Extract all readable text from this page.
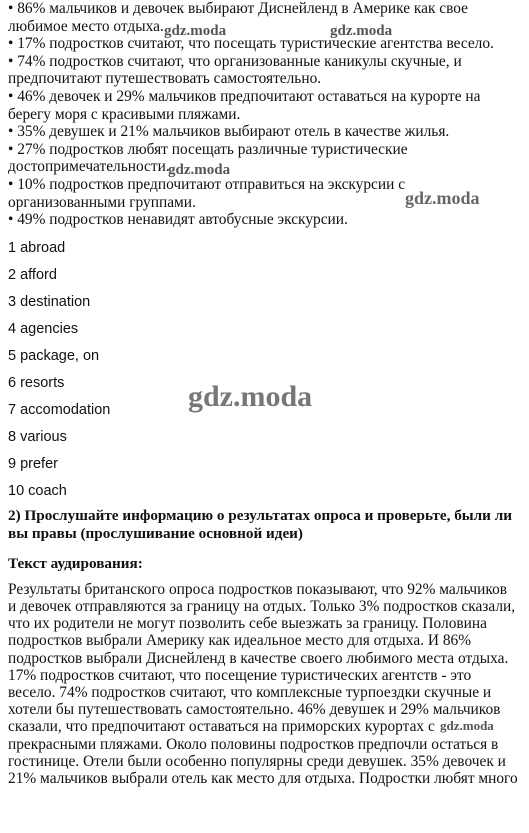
• 86% мальчиков и девочек выбирают Диснейленд в Америке как свое
любимое место отдыха.
• 17% подростков считают, что посещать туристические агентства весело.
• 74% подростков считают, что организованные каникулы скучные, и
предпочитают путешествовать самостоятельно.
• 46% девочек и 29% мальчиков предпочитают оставаться на курорте на
берегу моря с красивыми пляжами.
• 35% девушек и 21% мальчиков выбирают отель в качестве жилья.
• 27% подростков любят посещать различные туристические
достопримечательности.
• 10% подростков предпочитают отправиться на экскурсии с
организованными группами.
• 49% подростков ненавидят автобусные экскурсии.
1 abroad
2 afford
3 destination
4 agencies
5 package, on
6 resorts
7 accomodation
8 various
9 prefer
10 coach
2) Прослушайте информацию о результатах опроса и проверьте, были ли
вы правы (прослушивание основной идеи)
Текст аудирования:
Результаты британского опроса подростков показывают, что 92% мальчиков
и девочек отправляются за границу на отдых. Только 3% подростков сказали,
что их родители не могут позволить себе выезжать за границу. Половина
подростков выбрали Америку как идеальное место для отдыха. И 86%
подростков выбрали Диснейленд в качестве своего любимого места отдыха.
17% подростков считают, что посещение туристических агентств - это
весело. 74% подростков считают, что комплексные турпоездки скучные и
хотели бы путешествовать самостоятельно. 46% девушек и 29% мальчиков
сказали, что предпочитают оставаться на приморских курортах с
прекрасными пляжами. Около половины подростков предпочли остаться в
гостинице. Отели были особенно популярны среди девушек. 35% девочек и
21% мальчиков выбрали отель как место для отдыха. Подростки любят много
gdz.moda	gdz.moda
gdz.moda
gdz.moda
gdz.moda
gdz.moda
